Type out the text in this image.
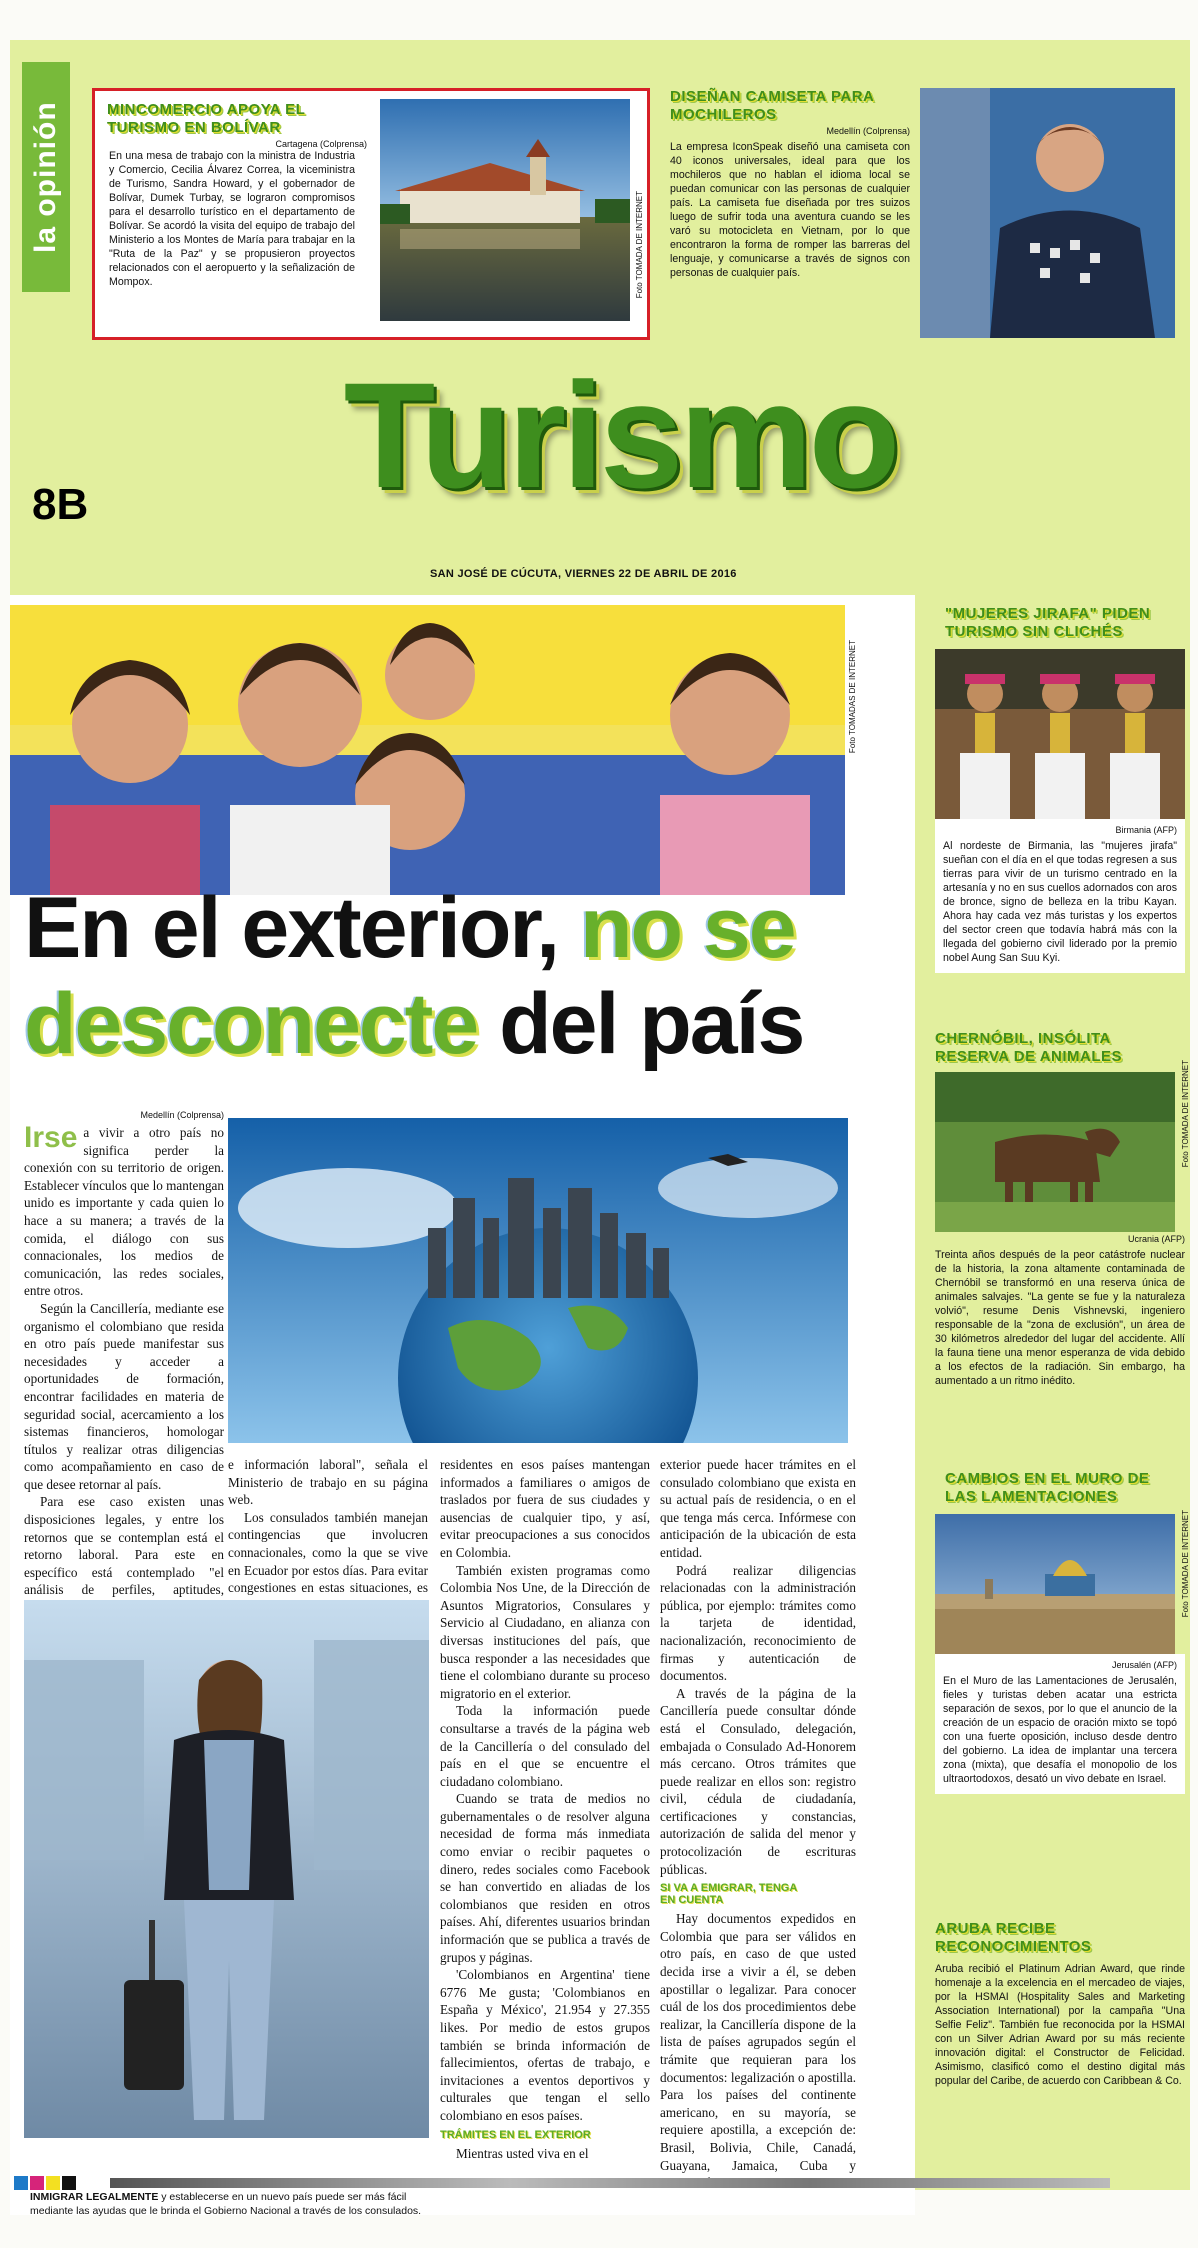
la opinión	MINCOMERCIO APOYA EL TURISMO EN BOLÍVAR
Cartagena (Colprensa)
En una mesa de trabajo con la ministra de Industria y Comercio, Cecilia Álvarez Correa, la viceministra de Turismo, Sandra Howard, y el gobernador de Bolívar, Dumek Turbay, se lograron compromisos para el desarrollo turístico en el departamento de Bolívar. Se acordó la visita del equipo de trabajo del Ministerio a los Montes de María para trabajar en la "Ruta de la Paz" y se propusieron proyectos relacionados con el aeropuerto y la señalización de Mompox.	Foto TOMADA DE INTERNET
DISEÑAN CAMISETA PARA MOCHILEROS
Medellín (Colprensa)
La empresa IconSpeak diseñó una camiseta con 40 iconos universales, ideal para que los mochileros que no hablan el idioma local se puedan comunicar con las personas de cualquier país. La camiseta fue diseñada por tres suizos luego de sufrir toda una aventura cuando se les varó su motocicleta en Vietnam, por lo que encontraron la forma de romper las barreras del lenguaje, y comunicarse a través de signos con personas de cualquier país.
Turismo
8B
SAN JOSÉ DE CÚCUTA, VIERNES 22 DE ABRIL DE 2016
Foto TOMADAS DE INTERNET
En el exterior, no se desconecte del país
Medellín (Colprensa)

Irse a vivir a otro país no significa perder la conexión con su territorio de origen. Establecer vínculos que lo mantengan unido es importante y cada quien lo hace a su manera; a través de la comida, el diálogo con sus connacionales, los medios de comunicación, las redes sociales, entre otros.

Según la Cancillería, mediante ese organismo el colombiano que resida en otro país puede manifestar sus necesidades y acceder a oportunidades de formación, encontrar facilidades en materia de seguridad social, acercamiento a los sistemas financieros, homologar títulos y realizar otras diligencias como acompañamiento en caso de que desee retornar al país.

Para ese caso existen unas disposiciones legales, y entre los retornos que se contemplan está el retorno laboral. Para este en específico está contemplado "el análisis de perfiles, aptitudes,

e información laboral", señala el Ministerio de trabajo en su página web.

Los consulados también manejan contingencias que involucren connacionales, como la que se vive en Ecuador por estos días. Para evitar congestiones en estas situaciones, es

INMIGRAR LEGALMENTE y establecerse en un nuevo país puede ser más fácil mediante las ayudas que le brinda el Gobierno Nacional a través de los consulados.

residentes en esos países mantengan informados a familiares o amigos de traslados por fuera de sus ciudades y ausencias de cualquier tipo, y así, evitar preocupaciones a sus conocidos en Colombia.

También existen programas como Colombia Nos Une, de la Dirección de Asuntos Migratorios, Consulares y Servicio al Ciudadano, en alianza con diversas instituciones del país, que busca responder a las necesidades que tiene el colombiano durante su proceso migratorio en el exterior.

Toda la información puede consultarse a través de la página web de la Cancillería o del consulado del país en el que se encuentre el ciudadano colombiano.

Cuando se trata de medios no gubernamentales o de resolver alguna necesidad de forma más inmediata como enviar o recibir paquetes o dinero, redes sociales como Facebook se han convertido en aliadas de los colombianos que residen en otros países. Ahí, diferentes usuarios brindan información que se publica a través de grupos y páginas.

'Colombianos en Argentina' tiene 6776 Me gusta; 'Colombianos en España y México', 21.954 y 27.355 likes. Por medio de estos grupos también se brinda información de fallecimientos, ofertas de trabajo, e invitaciones a eventos deportivos y culturales que tengan el sello colombiano en esos países.

TRÁMITES EN EL EXTERIOR

Mientras usted viva en el

exterior puede hacer trámites en el consulado colombiano que exista en su actual país de residencia, o en el que tenga más cerca. Infórmese con anticipación de la ubicación de esta entidad.

Podrá realizar diligencias relacionadas con la administración pública, por ejemplo: trámites como la tarjeta de identidad, nacionalización, reconocimiento de firmas y autenticación de documentos.

A través de la página de la Cancillería puede consultar dónde está el Consulado, delegación, embajada o Consulado Ad-Honorem más cercano. Otros trámites que puede realizar en ellos son: registro civil, cédula de ciudadanía, certificaciones y constancias, autorización de salida del menor y protocolización de escrituras públicas.

SI VA A EMIGRAR, TENGA EN CUENTA

Hay documentos expedidos en Colombia que para ser válidos en otro país, en caso de que usted decida irse a vivir a él, se deben apostillar o legalizar. Para conocer cuál de los dos procedimientos debe realizar, la Cancillería dispone de la lista de países agrupados según el trámite que requieran para los documentos: legalización o apostilla. Para los países del continente americano, en su mayoría, se requiere apostilla, a excepción de: Brasil, Bolivia, Chile, Canadá, Guayana, Jamaica, Cuba y

"MUJERES JIRAFA" PIDEN TURISMO SIN CLICHÉS
Birmania (AFP)
Al nordeste de Birmania, las "mujeres jirafa" sueñan con el día en el que todas regresen a sus tierras para vivir de un turismo centrado en la artesanía y no en sus cuellos adornados con aros de bronce, signo de belleza en la tribu Kayan. Ahora hay cada vez más turistas y los expertos del sector creen que todavía habrá más con la llegada del gobierno civil liderado por la premio nobel Aung San Suu Kyi.
CHERNÓBIL, INSÓLITA RESERVA DE ANIMALES
Foto TOMADA DE INTERNET
Ucrania (AFP)
Treinta años después de la peor catástrofe nuclear de la historia, la zona altamente contaminada de Chernóbil se transformó en una reserva única de animales salvajes. "La gente se fue y la naturaleza volvió", resume Denis Vishnevski, ingeniero responsable de la "zona de exclusión", un área de 30 kilómetros alrededor del lugar del accidente. Allí la fauna tiene una menor esperanza de vida debido a los efectos de la radiación. Sin embargo, ha aumentado a un ritmo inédito.
CAMBIOS EN EL MURO DE LAS LAMENTACIONES
Foto TOMADA DE INTERNET
Jerusalén (AFP)
En el Muro de las Lamentaciones de Jerusalén, fieles y turistas deben acatar una estricta separación de sexos, por lo que el anuncio de la creación de un espacio de oración mixto se topó con una fuerte oposición, incluso desde dentro del gobierno. La idea de implantar una tercera zona (mixta), que desafía el monopolio de los ultraortodoxos, desató un vivo debate en Israel.
ARUBA RECIBE RECONOCIMIENTOS
Aruba recibió el Platinum Adrian Award, que rinde homenaje a la excelencia en el mercadeo de viajes, por la HSMAI (Hospitality Sales and Marketing Association International) por la campaña "Una Selfie Feliz". También fue reconocida por la HSMAI con un Silver Adrian Award por su más reciente innovación digital: el Constructor de Felicidad. Asimismo, clasificó como el destino digital más popular del Caribe, de acuerdo con Caribbean & Co.
